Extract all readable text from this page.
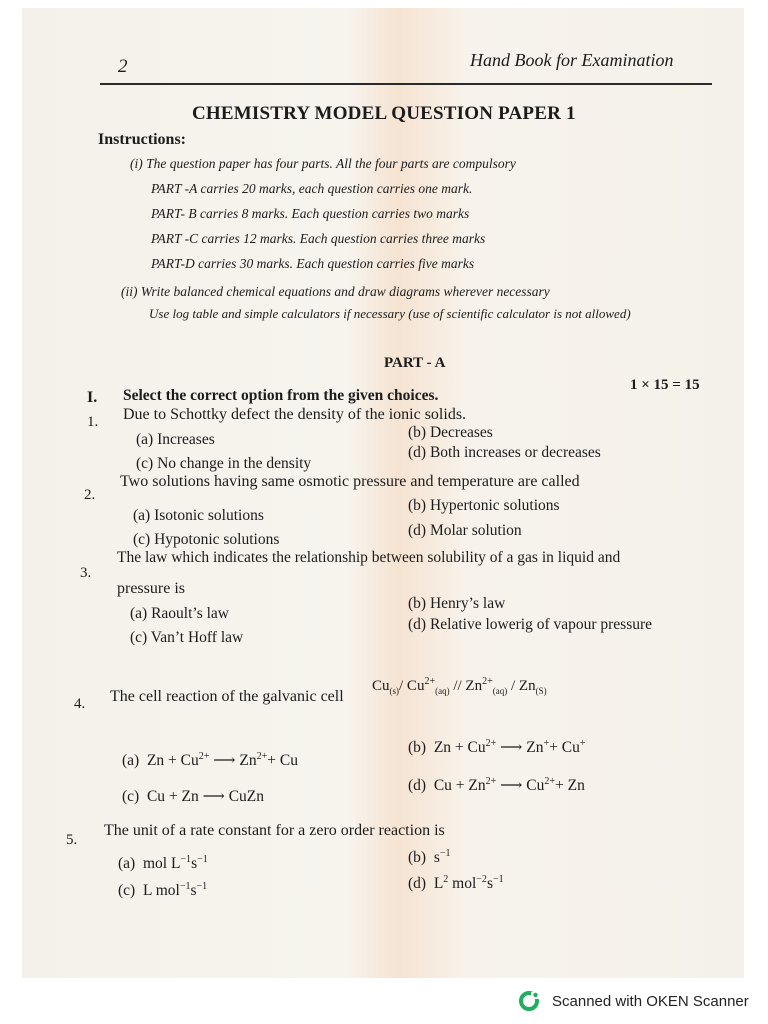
2	Hand Book for Examination
CHEMISTRY MODEL QUESTION PAPER 1
Instructions:
(i) The question paper has four parts. All the four parts are compulsory
PART -A carries 20 marks, each question carries one mark.
PART- B carries 8 marks. Each question carries two marks
PART -C carries 12 marks. Each question carries three marks
PART-D carries 30 marks. Each question carries five marks
(ii) Write balanced chemical equations and draw diagrams wherever necessary
Use log table and simple calculators if necessary (use of scientific calculator is not allowed)
PART - A
I. Select the correct option from the given choices.
1 × 15 = 15
1. Due to Schottky defect the density of the ionic solids.
(a) Increases	(b) Decreases
(c) No change in the density
(d) Both increases or decreases
2.
Two solutions having same osmotic pressure and temperature are called
(a) Isotonic solutions
(b) Hypertonic solutions
(c) Hypotonic solutions
(d) Molar solution
3.
The law which indicates the relationship between solubility of a gas in liquid and
pressure is
(a) Raoult’s law
(b) Henry’s law
(c) Van’t Hoff law
(d) Relative lowerig of vapour pressure
4. The cell reaction of the galvanic cell
$Cu_{(s)}/$ $Cu^{2+}_{(aq)} // Zn^{2+}_{(aq)} / Zn_{(S)}$
(a)  $Zn + Cu^{2+}$ ⟶ $Zn^{2+}+ Cu$
(b)  $Zn + Cu^{2+}$ ⟶ Zn++ Cu+
(c)  Cu + Zn ⟶ CuZn
(d)  $Cu + Zn^{2+}$ ⟶ $Cu^{2+}+ Zn$
5.
The unit of a rate constant for a zero order reaction is
(a)  mol $L^{-1}s^{-1}$	(b)  $s^{-1}$
(c)  L $mol^{-1}s^{-1}$	(d)  $L^2$ $mol^{-2}s^{-1}$
Scanned with OKEN Scanner
